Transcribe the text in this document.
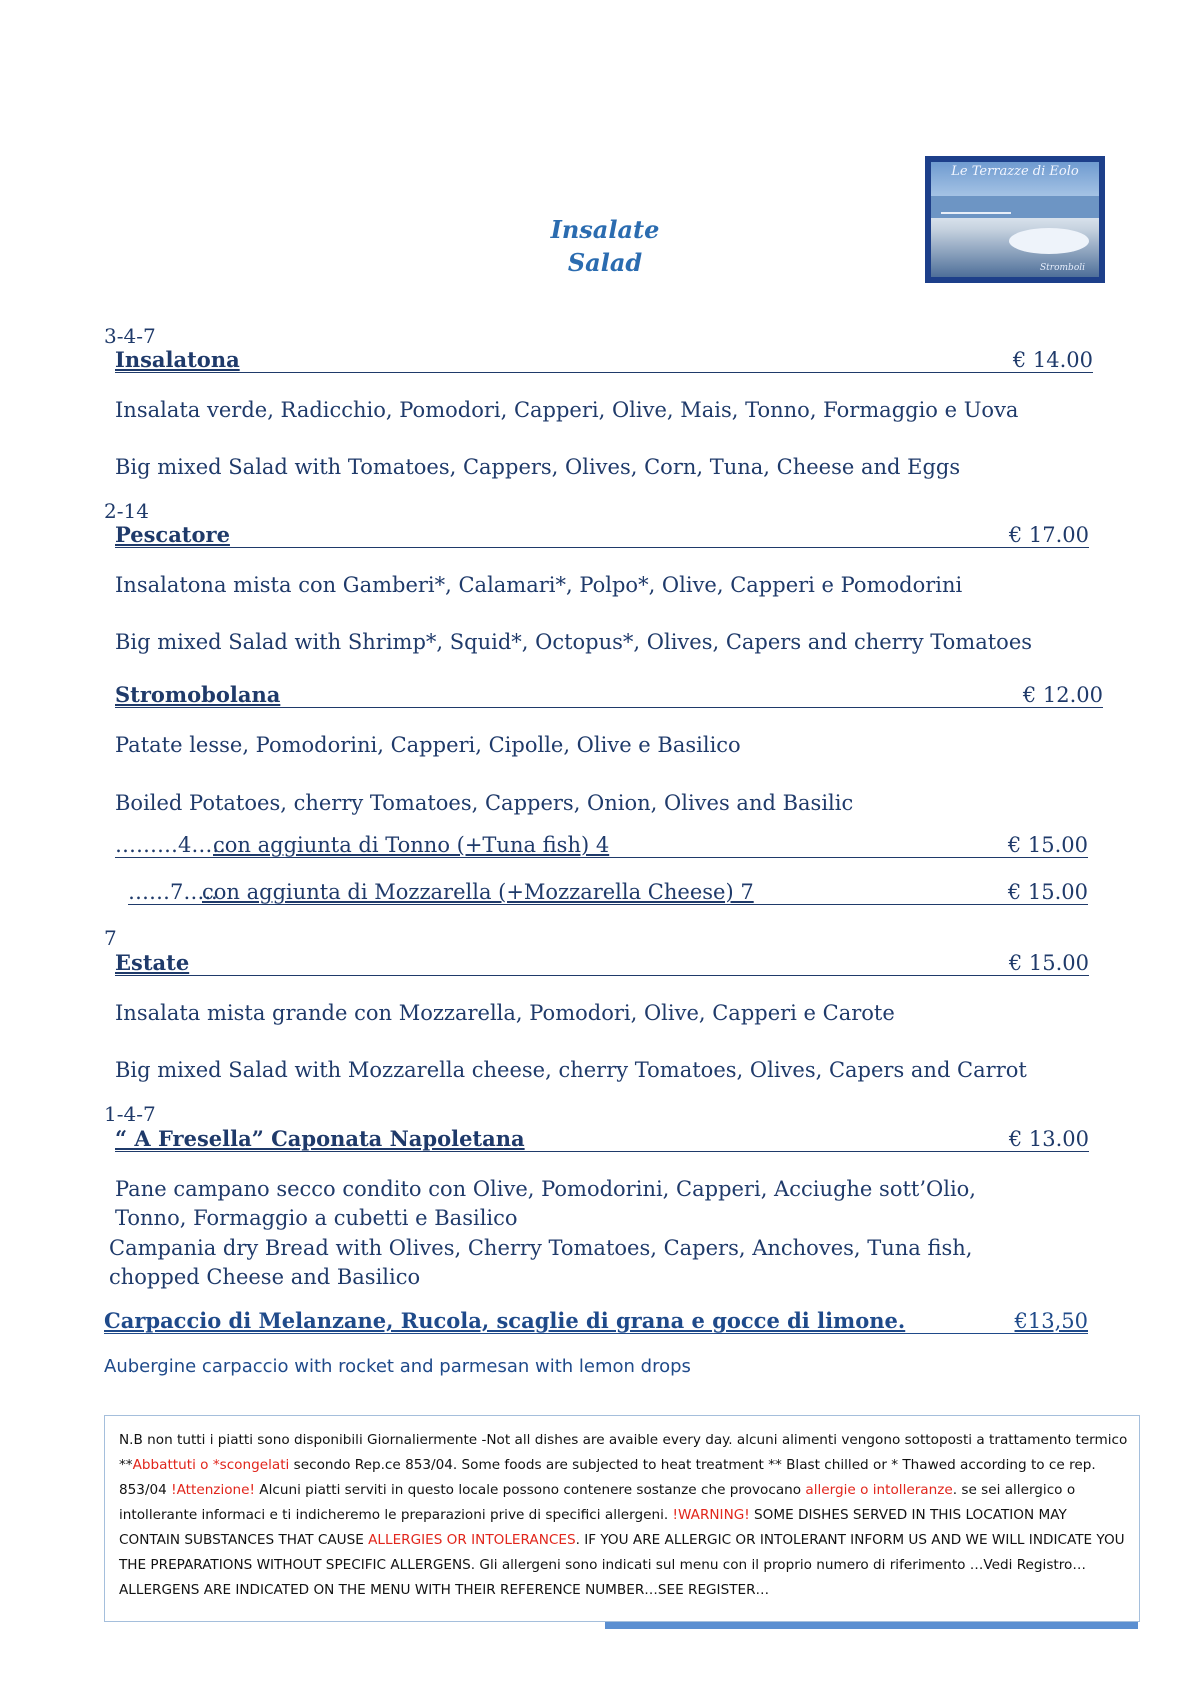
Insalate
Salad
Le Terrazze di Eolo
Stromboli
3-4-7
Insalatona	€ 14.00
Insalata verde, Radicchio, Pomodori, Capperi, Olive, Mais, Tonno, Formaggio e Uova
Big mixed Salad with Tomatoes, Cappers, Olives, Corn, Tuna, Cheese and Eggs
2-14
Pescatore	€ 17.00
Insalatona mista con Gamberi*, Calamari*, Polpo*, Olive, Capperi e Pomodorini
Big mixed Salad with Shrimp*, Squid*, Octopus*, Olives, Capers and cherry Tomatoes
Stromobolana	€ 12.00
Patate lesse, Pomodorini, Capperi, Cipolle, Olive e Basilico
Boiled Potatoes, cherry Tomatoes, Cappers, Onion, Olives and Basilic
………4…..
con aggiunta di Tonno (+Tuna fish) 4	€ 15.00
……7…..
con aggiunta di Mozzarella (+Mozzarella Cheese) 7	€ 15.00
7
Estate	€ 15.00
Insalata mista grande con Mozzarella, Pomodori, Olive, Capperi e Carote
Big mixed Salad with Mozzarella cheese, cherry Tomatoes, Olives, Capers and Carrot
1-4-7
“ A Fresella” Caponata Napoletana	€ 13.00
Pane campano secco condito con Olive, Pomodorini, Capperi, Acciughe sott’Olio, Tonno, Formaggio a cubetti e Basilico
Campania dry Bread with Olives, Cherry Tomatoes, Capers, Anchoves, Tuna fish, chopped Cheese and Basilico
Carpaccio di Melanzane, Rucola, scaglie di grana e gocce di limone.	€13,50
Aubergine carpaccio with rocket and parmesan with lemon drops
N.B non tutti i piatti sono disponibili Giornaliermente -Not all dishes are avaible every day. alcuni alimenti vengono sottoposti a trattamento termico **Abbattuti o *scongelati secondo Rep.ce 853/04. Some foods are subjected to heat treatment ** Blast chilled or * Thawed according to ce rep. 853/04 !Attenzione! Alcuni piatti serviti in questo locale possono contenere sostanze che provocano allergie o intolleranze. se sei allergico o intollerante informaci e ti indicheremo le preparazioni prive di specifici allergeni. !WARNING! SOME DISHES SERVED IN THIS LOCATION MAY CONTAIN SUBSTANCES THAT CAUSE ALLERGIES OR INTOLERANCES. IF YOU ARE ALLERGIC OR INTOLERANT INFORM US AND WE WILL INDICATE YOU THE PREPARATIONS WITHOUT SPECIFIC ALLERGENS. Gli allergeni sono indicati sul menu con il proprio numero di riferimento …Vedi Registro… ALLERGENS ARE INDICATED ON THE MENU WITH THEIR REFERENCE NUMBER…SEE REGISTER…
